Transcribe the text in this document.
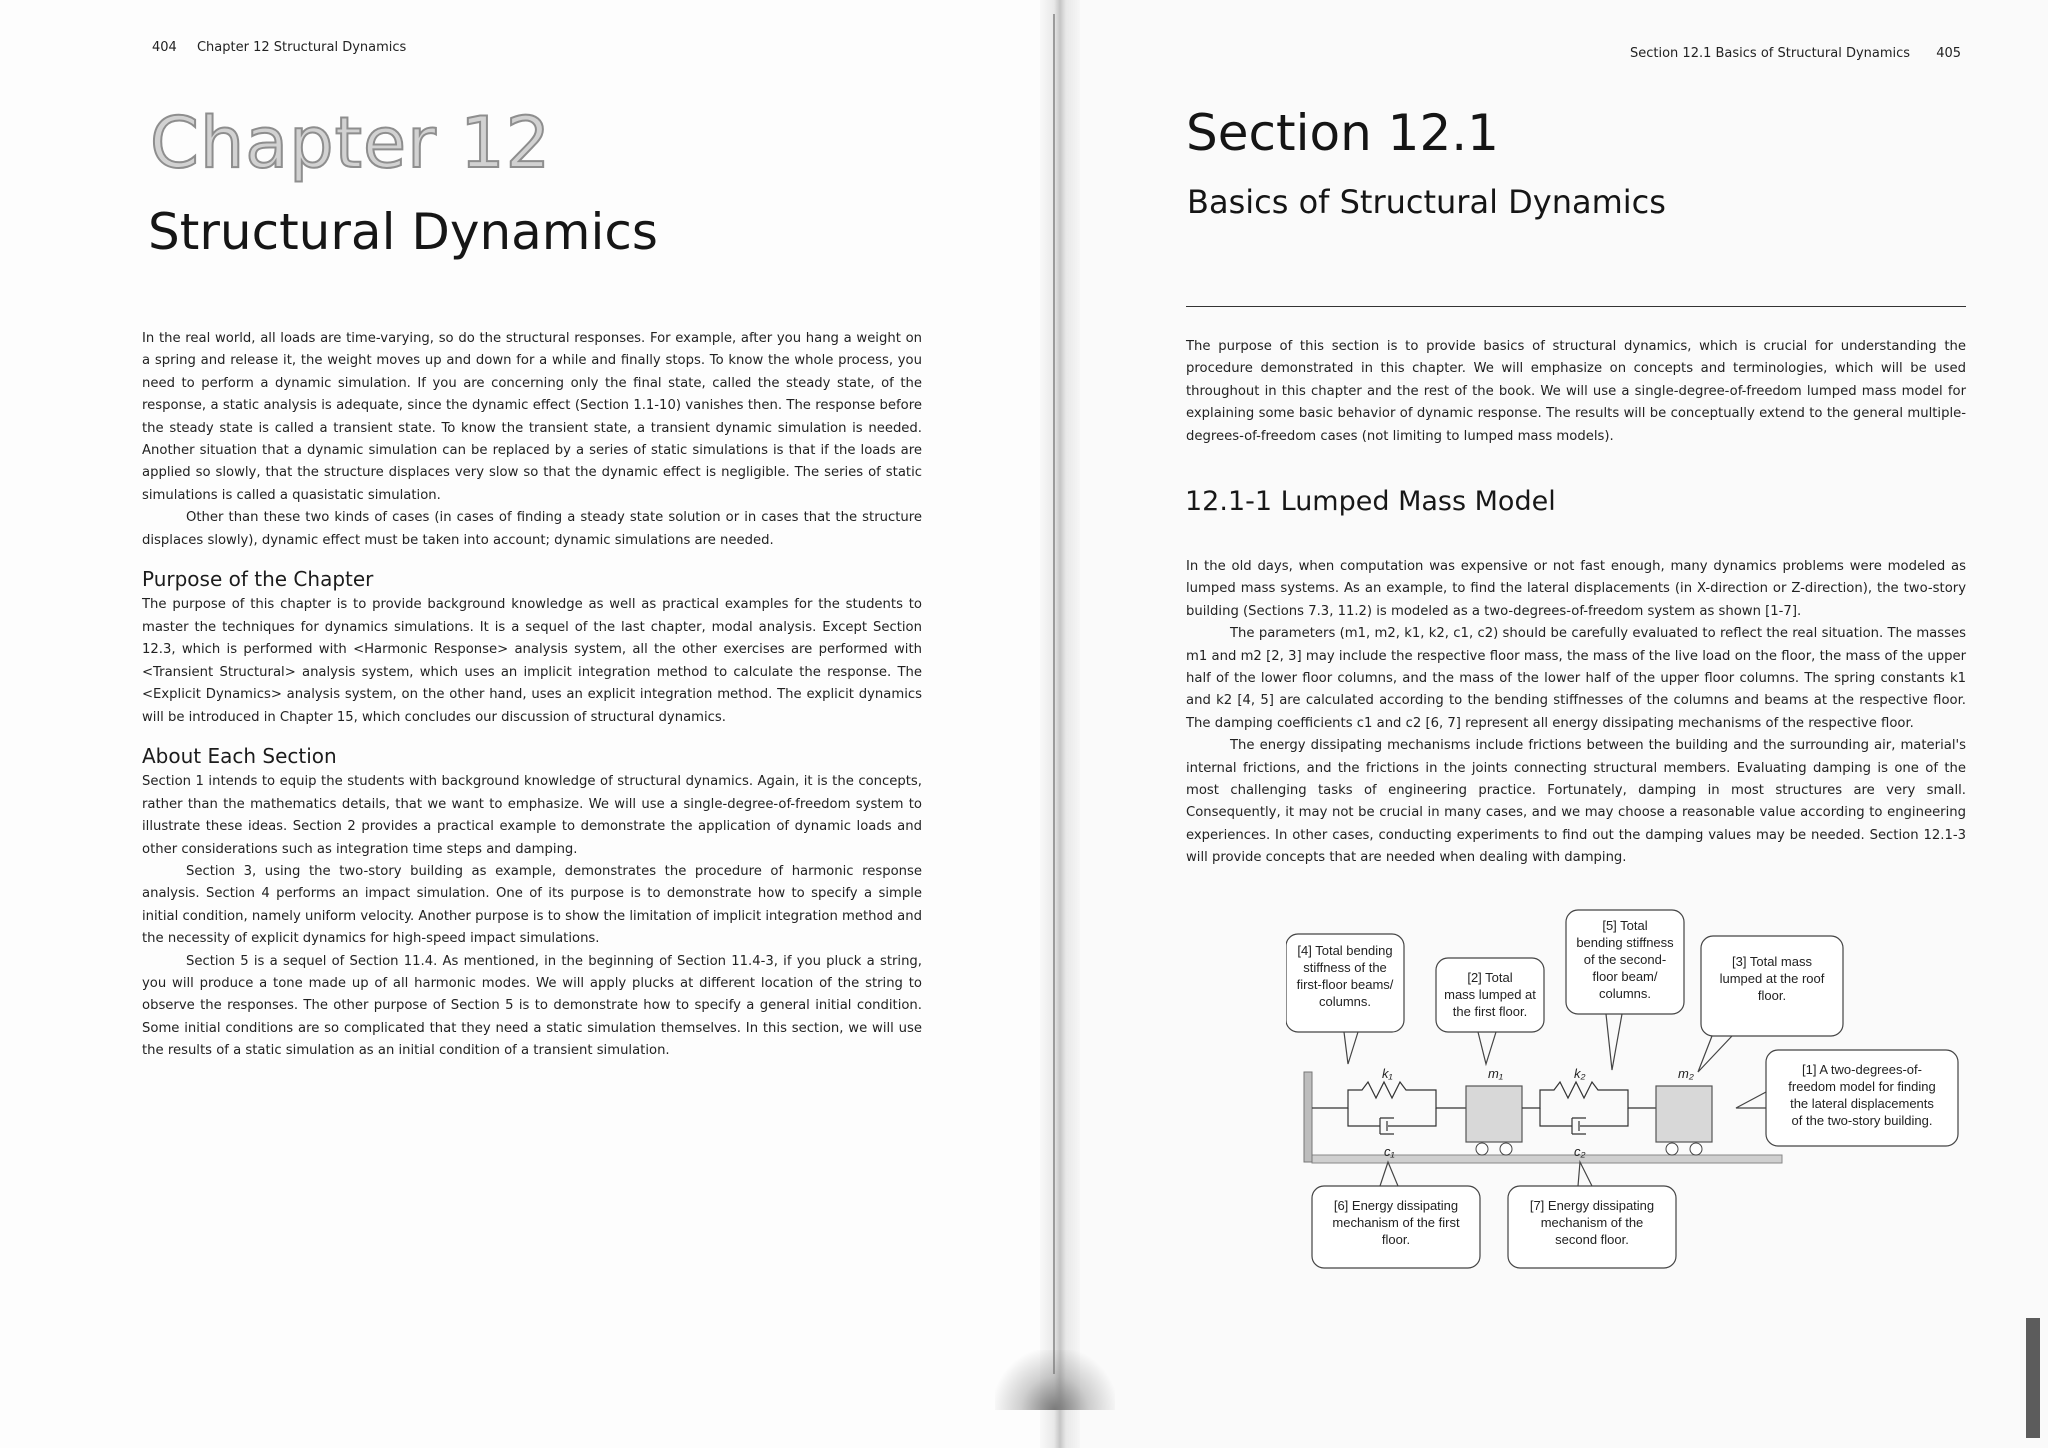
404 Chapter 12 Structural Dynamics
Chapter 12
Structural Dynamics

In the real world, all loads are time-varying, so do the structural responses. For example, after you hang a weight on a spring and release it, the weight moves up and down for a while and finally stops. To know the whole process, you need to perform a dynamic simulation. If you are concerning only the final state, called the steady state, of the response, a static analysis is adequate, since the dynamic effect (Section 1.1-10) vanishes then. The response before the steady state is called a transient state. To know the transient state, a transient dynamic simulation is needed. Another situation that a dynamic simulation can be replaced by a series of static simulations is that if the loads are applied so slowly, that the structure displaces very slow so that the dynamic effect is negligible. The series of static simulations is called a quasistatic simulation.

Other than these two kinds of cases (in cases of finding a steady state solution or in cases that the structure displaces slowly), dynamic effect must be taken into account; dynamic simulations are needed.

Purpose of the Chapter

The purpose of this chapter is to provide background knowledge as well as practical examples for the students to master the techniques for dynamics simulations. It is a sequel of the last chapter, modal analysis. Except Section 12.3, which is performed with <Harmonic Response> analysis system, all the other exercises are performed with <Transient Structural> analysis system, which uses an implicit integration method to calculate the response. The <Explicit Dynamics> analysis system, on the other hand, uses an explicit integration method. The explicit dynamics will be introduced in Chapter 15, which concludes our discussion of structural dynamics.

About Each Section

Section 1 intends to equip the students with background knowledge of structural dynamics. Again, it is the concepts, rather than the mathematics details, that we want to emphasize. We will use a single-degree-of-freedom system to illustrate these ideas. Section 2 provides a practical example to demonstrate the application of dynamic loads and other considerations such as integration time steps and damping.

Section 3, using the two-story building as example, demonstrates the procedure of harmonic response analysis. Section 4 performs an impact simulation. One of its purpose is to demonstrate how to specify a simple initial condition, namely uniform velocity. Another purpose is to show the limitation of implicit integration method and the necessity of explicit dynamics for high-speed impact simulations.

Section 5 is a sequel of Section 11.4. As mentioned, in the beginning of Section 11.4-3, if you pluck a string, you will produce a tone made up of all harmonic modes. We will apply plucks at different location of the string to observe the responses. The other purpose of Section 5 is to demonstrate how to specify a general initial condition. Some initial conditions are so complicated that they need a static simulation themselves. In this section, we will use the results of a static simulation as an initial condition of a transient simulation.

Section 12.1 Basics of Structural Dynamics 405
Section 12.1
Basics of Structural Dynamics

The purpose of this section is to provide basics of structural dynamics, which is crucial for understanding the procedure demonstrated in this chapter. We will emphasize on concepts and terminologies, which will be used throughout in this chapter and the rest of the book. We will use a single-degree-of-freedom lumped mass model for explaining some basic behavior of dynamic response. The results will be conceptually extend to the general multiple-degrees-of-freedom cases (not limiting to lumped mass models).

12.1-1 Lumped Mass Model

In the old days, when computation was expensive or not fast enough, many dynamics problems were modeled as lumped mass systems. As an example, to find the lateral displacements (in X-direction or Z-direction), the two-story building (Sections 7.3, 11.2) is modeled as a two-degrees-of-freedom system as shown [1-7].

The parameters (m1, m2, k1, k2, c1, c2) should be carefully evaluated to reflect the real situation. The masses m1 and m2 [2, 3] may include the respective floor mass, the mass of the live load on the floor, the mass of the upper half of the lower floor columns, and the mass of the lower half of the upper floor columns. The spring constants k1 and k2 [4, 5] are calculated according to the bending stiffnesses of the columns and beams at the respective floor. The damping coefficients c1 and c2 [6, 7] represent all energy dissipating mechanisms of the respective floor.

The energy dissipating mechanisms include frictions between the building and the surrounding air, material's internal frictions, and the frictions in the joints connecting structural members. Evaluating damping is one of the most challenging tasks of engineering practice. Fortunately, damping in most structures are very small. Consequently, it may not be crucial in many cases, and we may choose a reasonable value according to engineering experiences. In other cases, conducting experiments to find out the damping values may be needed. Section 12.1-3 will provide concepts that are needed when dealing with damping.

k₁	m₁	k₂	m₂
c₁	c₂
[4] Total bending
stiffness of the
first-floor beams/
columns.
[2] Total
mass lumped at
the first floor.
[5] Total
bending stiffness
of the second-
floor beam/
columns.
[3] Total mass
lumped at the roof
floor.
[1] A two-degrees-of-
freedom model for finding
the lateral displacements
of the two-story building.
[6] Energy dissipating
mechanism of the first
floor.
[7] Energy dissipating
mechanism of the
second floor.
